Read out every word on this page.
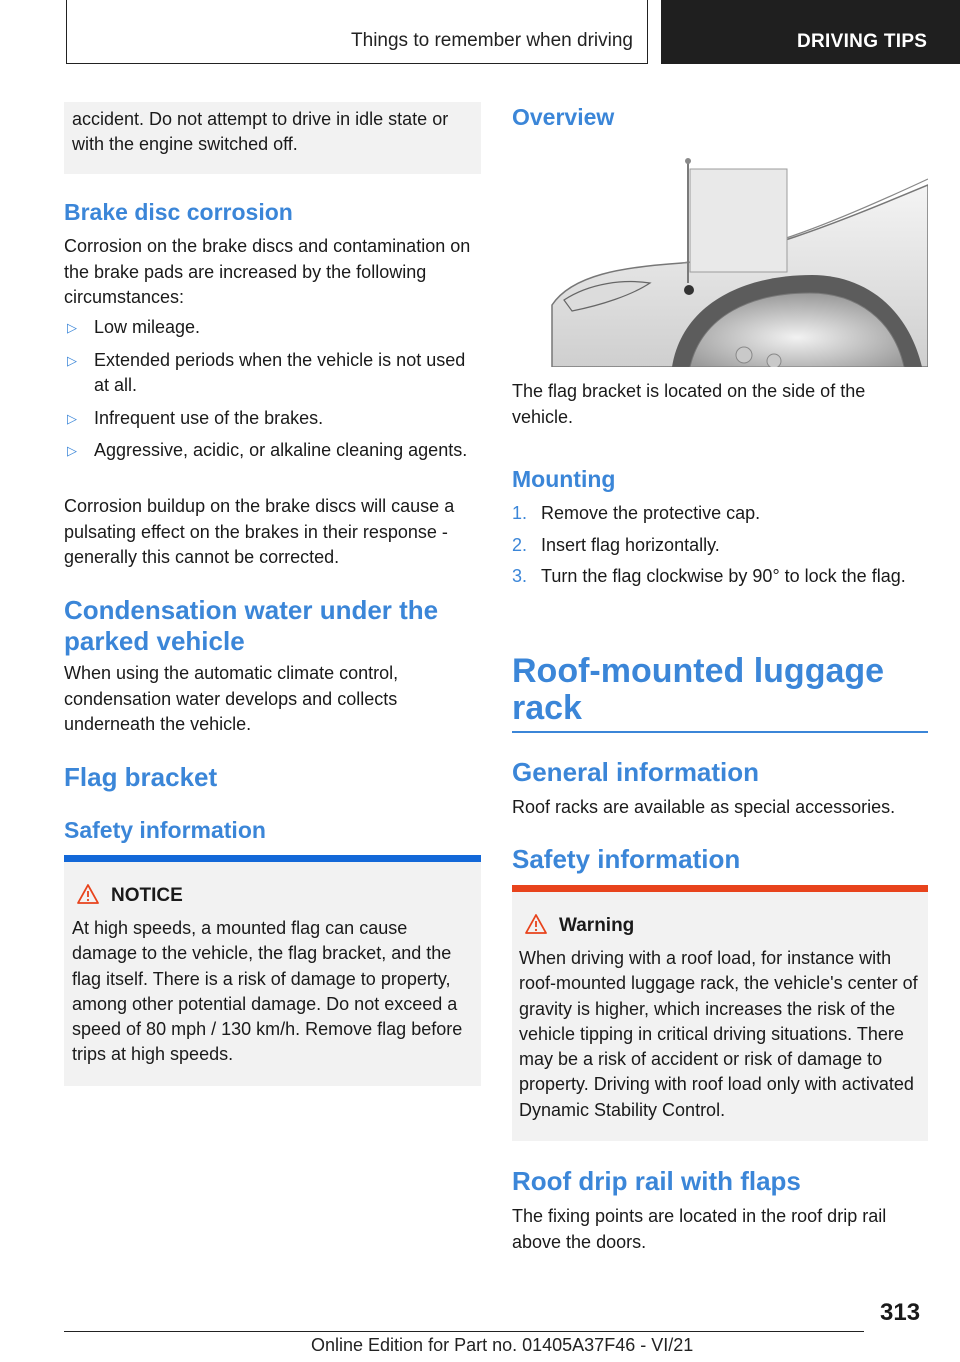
Things to remember when driving	DRIVING TIPS

accident. Do not attempt to drive in idle state or with the engine switched off.

Brake disc corrosion

Corrosion on the brake discs and contamination on the brake pads are increased by the following circumstances:

▷ Low mileage.
▷ Extended periods when the vehicle is not used at all.
▷ Infrequent use of the brakes.
▷ Aggressive, acidic, or alkaline cleaning agents.

Corrosion buildup on the brake discs will cause a pulsating effect on the brakes in their response - generally this cannot be corrected.

Condensation water under the parked vehicle

When using the automatic climate control, condensation water develops and collects underneath the vehicle.

Flag bracket
Safety information
NOTICE

At high speeds, a mounted flag can cause damage to the vehicle, the flag bracket, and the flag itself. There is a risk of damage to property, among other potential damage. Do not exceed a speed of 80 mph / 130 km/h. Remove flag before trips at high speeds.

Overview

The flag bracket is located on the side of the vehicle.

Mounting
1. Remove the protective cap.
2. Insert flag horizontally.
3. Turn the flag clockwise by 90° to lock the flag.
Roof-mounted luggage rack
General information

Roof racks are available as special accessories.

Safety information
Warning

When driving with a roof load, for instance with roof-mounted luggage rack, the vehicle's center of gravity is higher, which increases the risk of the vehicle tipping in critical driving situations. There may be a risk of accident or risk of damage to property. Driving with roof load only with activated Dynamic Stability Control.

Roof drip rail with flaps

The fixing points are located in the roof drip rail above the doors.

313
Online Edition for Part no. 01405A37F46 - VI/21
